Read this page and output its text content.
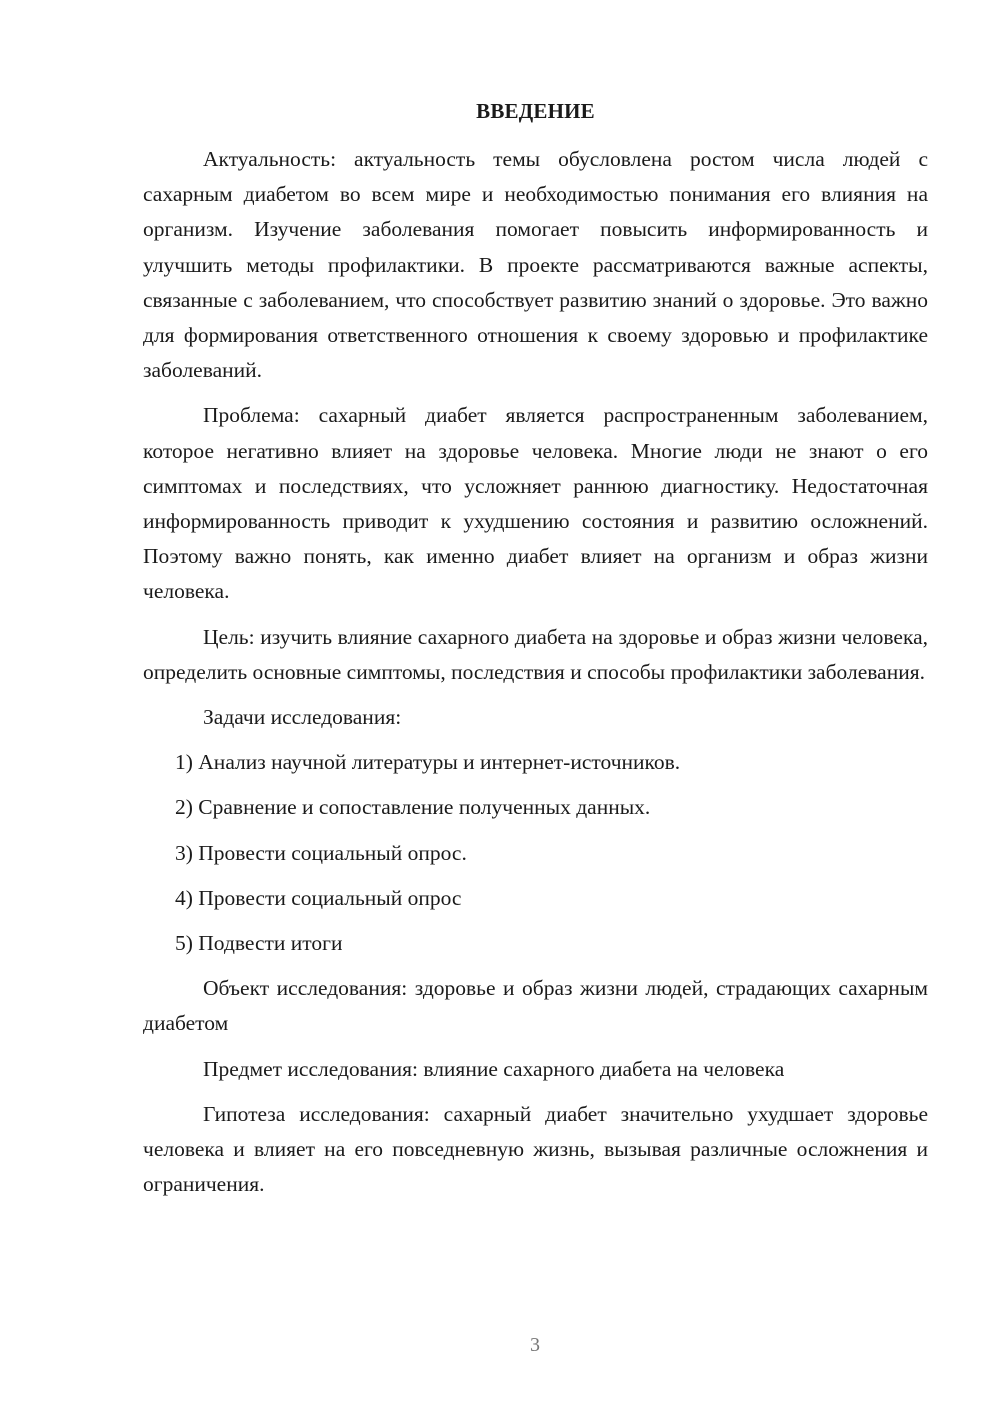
ВВЕДЕНИЕ

Актуальность: актуальность темы обусловлена ростом числа людей с сахарным диабетом во всем мире и необходимостью понимания его влияния на организм. Изучение заболевания помогает повысить информированность и улучшить методы профилактики. В проекте рассматриваются важные аспекты, связанные с заболеванием, что способствует развитию знаний о здоровье. Это важно для формирования ответственного отношения к своему здоровью и профилактике заболеваний.

Проблема: сахарный диабет является распространенным заболеванием, которое негативно влияет на здоровье человека. Многие люди не знают о его симптомах и последствиях, что усложняет раннюю диагностику. Недостаточная информированность приводит к ухудшению состояния и развитию осложнений. Поэтому важно понять, как именно диабет влияет на организм и образ жизни человека.

Цель: изучить влияние сахарного диабета на здоровье и образ жизни человека, определить основные симптомы, последствия и способы профилактики заболевания.

Задачи исследования:

1) Анализ научной литературы и интернет-источников.

2) Сравнение и сопоставление полученных данных.

3) Провести социальный опрос.

4) Провести социальный опрос

5) Подвести итоги

Объект исследования: здоровье и образ жизни людей, страдающих сахарным диабетом

Предмет исследования: влияние сахарного диабета на человека

Гипотеза исследования: сахарный диабет значительно ухудшает здоровье человека и влияет на его повседневную жизнь, вызывая различные осложнения и ограничения.

3
